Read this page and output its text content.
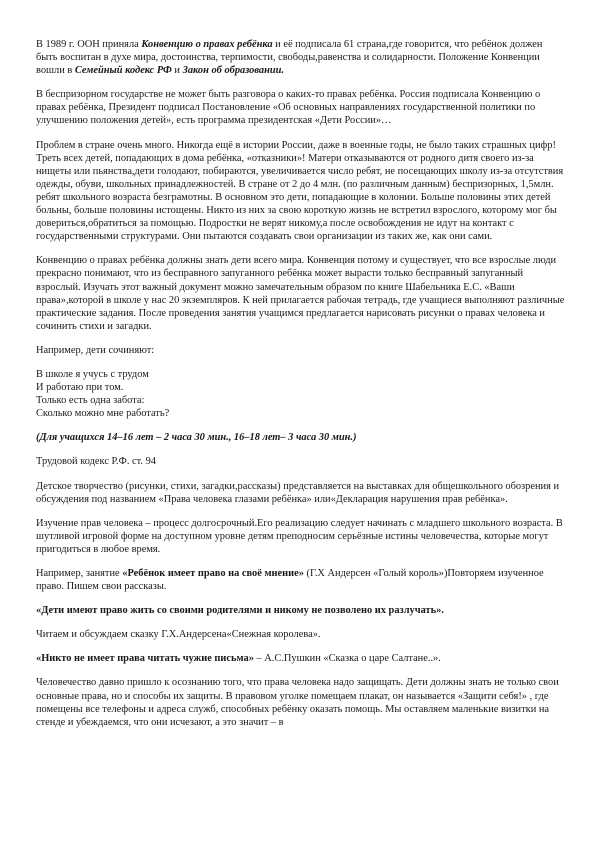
В 1989 г. ООН приняла Конвенцию о правах ребёнка и её подписала 61 страна,где говорится, что ребёнок должен быть воспитан в духе мира, достоинства, терпимости, свободы,равенства и солидарности. Положение Конвенции вошли в Семейный кодекс РФ и Закон об образовании.

В беспризорном государстве не может быть разговора о каких-то правах ребёнка. Россия подписала Конвенцию о правах ребёнка, Президент подписал Постановление «Об основных направлениях государственной политики по улучшению положения детей», есть программа президентская «Дети России»…

Проблем в стране очень много. Никогда ещё в истории России, даже в военные годы, не было таких страшных цифр! Треть всех детей, попадающих в дома ребёнка, «отказники»! Матери отказываются от родного дитя своего из-за нищеты или пьянства,дети голодают, побираются, увеличивается число ребят, не посещающих школу из-за отсутствия одежды, обуви, школьных принадлежностей. В стране от 2 до 4 млн. (по различным данным) беспризорных, 1,5млн. ребят школьного возраста безграмотны. В основном это дети, попадающие в колонии. Больше половины этих детей больны, больше половины истощены. Никто из них за свою короткую жизнь не встретил взрослого, которому мог бы довериться,обратиться за помощью. Подростки не верят никому,а после освобождения не идут на контакт с государственными структурами. Они пытаются создавать свои организации из таких же, как они сами.

Конвенцию о правах ребёнка должны знать дети всего мира. Конвенция потому и существует, что все взрослые люди прекрасно понимают, что из бесправного запуганного ребёнка может вырасти только бесправный запуганный взрослый. Изучать этот важный документ можно замечательным образом по книге Шабельника Е.С. «Ваши права»,которой в школе у нас 20 экземпляров. К ней прилагается рабочая тетрадь, где учащиеся выполняют различные практические задания. После проведения занятия учащимся предлагается нарисовать рисунки о правах человека и сочинить стихи и загадки.

Например, дети сочиняют:

В школе я учусь с трудом
И работаю при том.
Только есть одна забота:
Сколько можно мне работать?

(Для учащихся 14–16 лет – 2 часа 30 мин., 16–18 лет– 3 часа 30 мин.)

Трудовой кодекс Р.Ф. ст. 94

Детское творчество (рисунки, стихи, загадки,рассказы) представляется на выставках для общешкольного обозрения и обсуждения под названием «Права человека глазами ребёнка» или«Декларация нарушения прав ребёнка».

Изучение прав человека – процесс долгосрочный.Его реализацию следует начинать с младшего школьного возраста. В шутливой игровой форме на доступном уровне детям преподносим серьёзные истины человечества, которые могут пригодиться в любое время.

Например, занятие «Ребёнок имеет право на своё мнение» (Г.Х Андерсен «Голый король»)Повторяем изученное право. Пишем свои рассказы.

«Дети имеют право жить со своими родителями и никому не позволено их разлучать».

Читаем и обсуждаем сказку Г.Х.Андерсена«Снежная королева».

«Никто не имеет права читать чужие письма» – А.С.Пушкин «Сказка о царе Салтане..».

Человечество давно пришло к осознанию того, что права человека надо защищать. Дети должны знать не только свои основные права, но и способы их защиты. В правовом уголке помещаем плакат, он называется «Защити себя!» , где помещены все телефоны и адреса служб, способных ребёнку оказать помощь. Мы оставляем маленькие визитки на стенде и убеждаемся, что они исчезают, а это значит – в
